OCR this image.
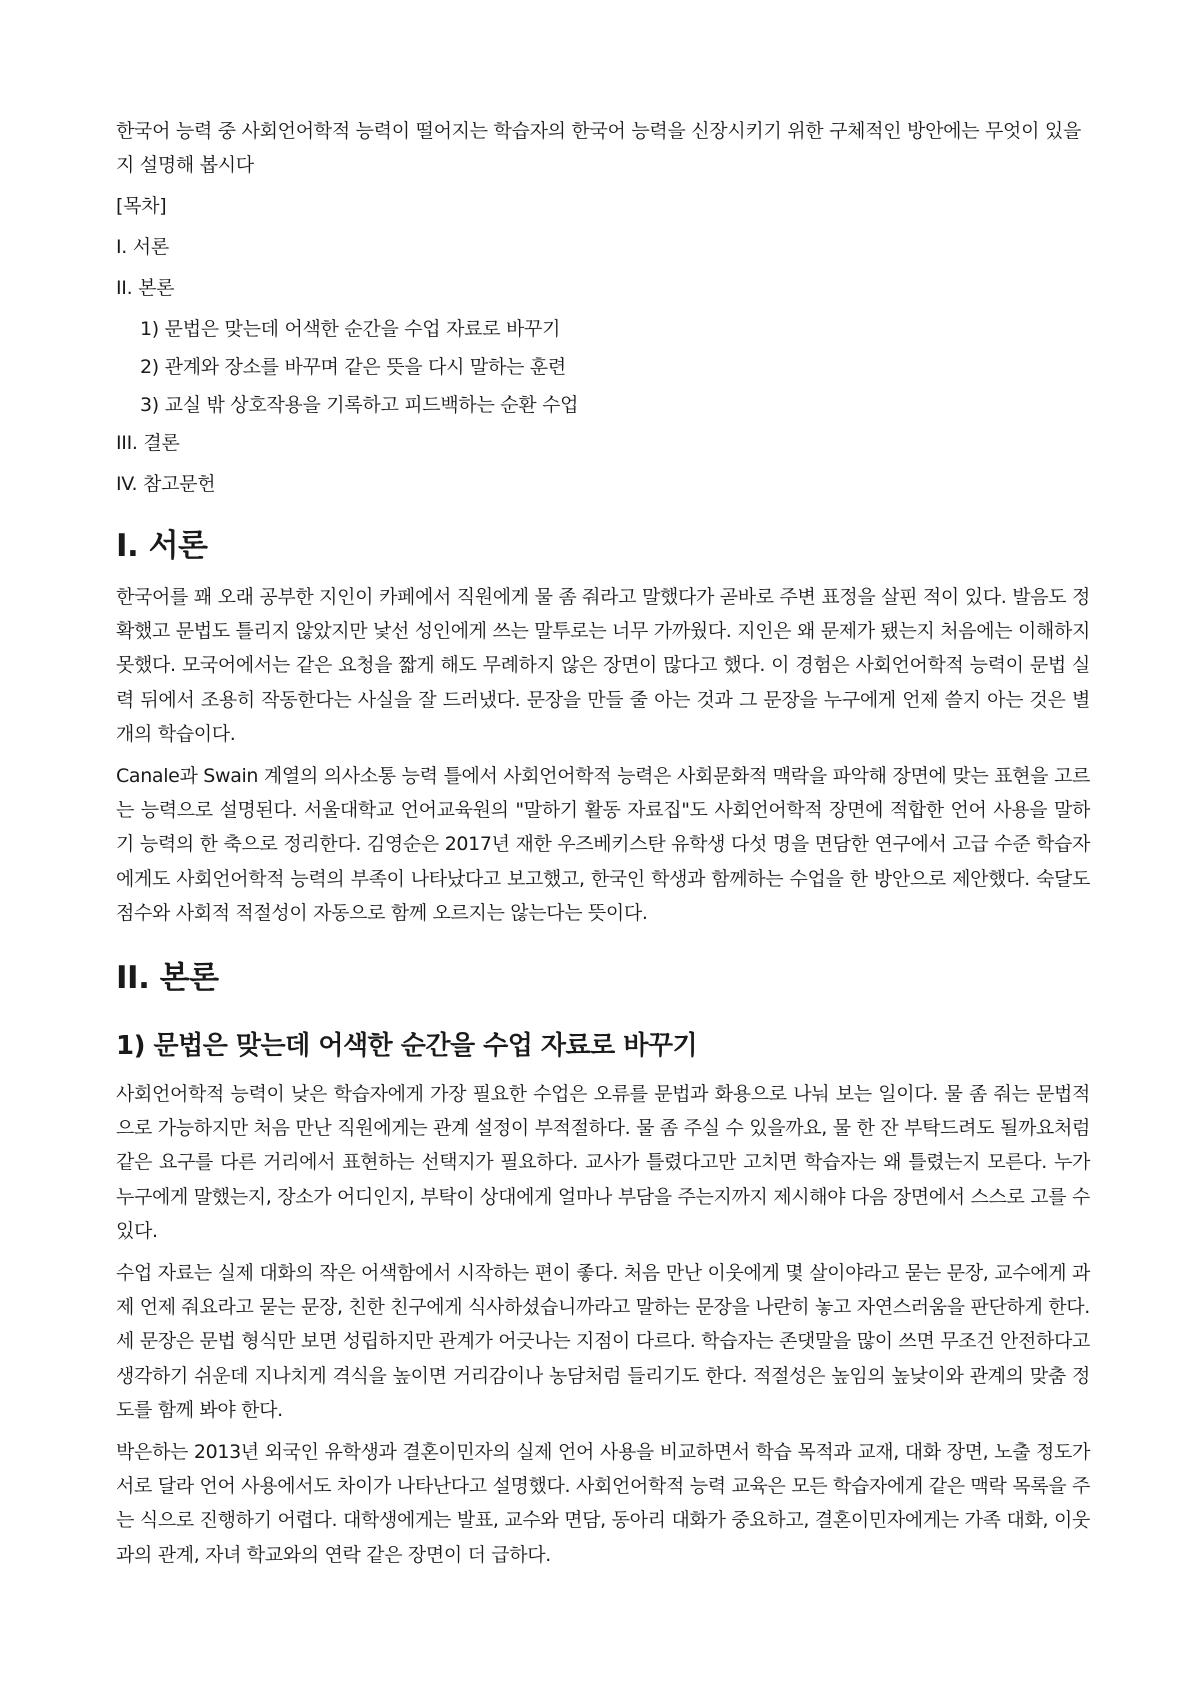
한국어 능력 중 사회언어학적 능력이 떨어지는 학습자의 한국어 능력을 신장시키기 위한 구체적인 방안에는 무엇이 있을지 설명해 봅시다

[목차]
I. 서론
II. 본론
1) 문법은 맞는데 어색한 순간을 수업 자료로 바꾸기
2) 관계와 장소를 바꾸며 같은 뜻을 다시 말하는 훈련
3) 교실 밖 상호작용을 기록하고 피드백하는 순환 수업
III. 결론
IV. 참고문헌
I. 서론

한국어를 꽤 오래 공부한 지인이 카페에서 직원에게 물 좀 줘라고 말했다가 곧바로 주변 표정을 살핀 적이 있다. 발음도 정확했고 문법도 틀리지 않았지만 낯선 성인에게 쓰는 말투로는 너무 가까웠다. 지인은 왜 문제가 됐는지 처음에는 이해하지 못했다. 모국어에서는 같은 요청을 짧게 해도 무례하지 않은 장면이 많다고 했다. 이 경험은 사회언어학적 능력이 문법 실력 뒤에서 조용히 작동한다는 사실을 잘 드러냈다. 문장을 만들 줄 아는 것과 그 문장을 누구에게 언제 쓸지 아는 것은 별개의 학습이다.

Canale과 Swain 계열의 의사소통 능력 틀에서 사회언어학적 능력은 사회문화적 맥락을 파악해 장면에 맞는 표현을 고르는 능력으로 설명된다. 서울대학교 언어교육원의 "말하기 활동 자료집"도 사회언어학적 장면에 적합한 언어 사용을 말하기 능력의 한 축으로 정리한다. 김영순은 2017년 재한 우즈베키스탄 유학생 다섯 명을 면담한 연구에서 고급 수준 학습자에게도 사회언어학적 능력의 부족이 나타났다고 보고했고, 한국인 학생과 함께하는 수업을 한 방안으로 제안했다. 숙달도 점수와 사회적 적절성이 자동으로 함께 오르지는 않는다는 뜻이다.

II. 본론
1) 문법은 맞는데 어색한 순간을 수업 자료로 바꾸기

사회언어학적 능력이 낮은 학습자에게 가장 필요한 수업은 오류를 문법과 화용으로 나눠 보는 일이다. 물 좀 줘는 문법적으로 가능하지만 처음 만난 직원에게는 관계 설정이 부적절하다. 물 좀 주실 수 있을까요, 물 한 잔 부탁드려도 될까요처럼 같은 요구를 다른 거리에서 표현하는 선택지가 필요하다. 교사가 틀렸다고만 고치면 학습자는 왜 틀렸는지 모른다. 누가 누구에게 말했는지, 장소가 어디인지, 부탁이 상대에게 얼마나 부담을 주는지까지 제시해야 다음 장면에서 스스로 고를 수 있다.

수업 자료는 실제 대화의 작은 어색함에서 시작하는 편이 좋다. 처음 만난 이웃에게 몇 살이야라고 묻는 문장, 교수에게 과제 언제 줘요라고 묻는 문장, 친한 친구에게 식사하셨습니까라고 말하는 문장을 나란히 놓고 자연스러움을 판단하게 한다. 세 문장은 문법 형식만 보면 성립하지만 관계가 어긋나는 지점이 다르다. 학습자는 존댓말을 많이 쓰면 무조건 안전하다고 생각하기 쉬운데 지나치게 격식을 높이면 거리감이나 농담처럼 들리기도 한다. 적절성은 높임의 높낮이와 관계의 맞춤 정도를 함께 봐야 한다.

박은하는 2013년 외국인 유학생과 결혼이민자의 실제 언어 사용을 비교하면서 학습 목적과 교재, 대화 장면, 노출 정도가 서로 달라 언어 사용에서도 차이가 나타난다고 설명했다. 사회언어학적 능력 교육은 모든 학습자에게 같은 맥락 목록을 주는 식으로 진행하기 어렵다. 대학생에게는 발표, 교수와 면담, 동아리 대화가 중요하고, 결혼이민자에게는 가족 대화, 이웃과의 관계, 자녀 학교와의 연락 같은 장면이 더 급하다.
